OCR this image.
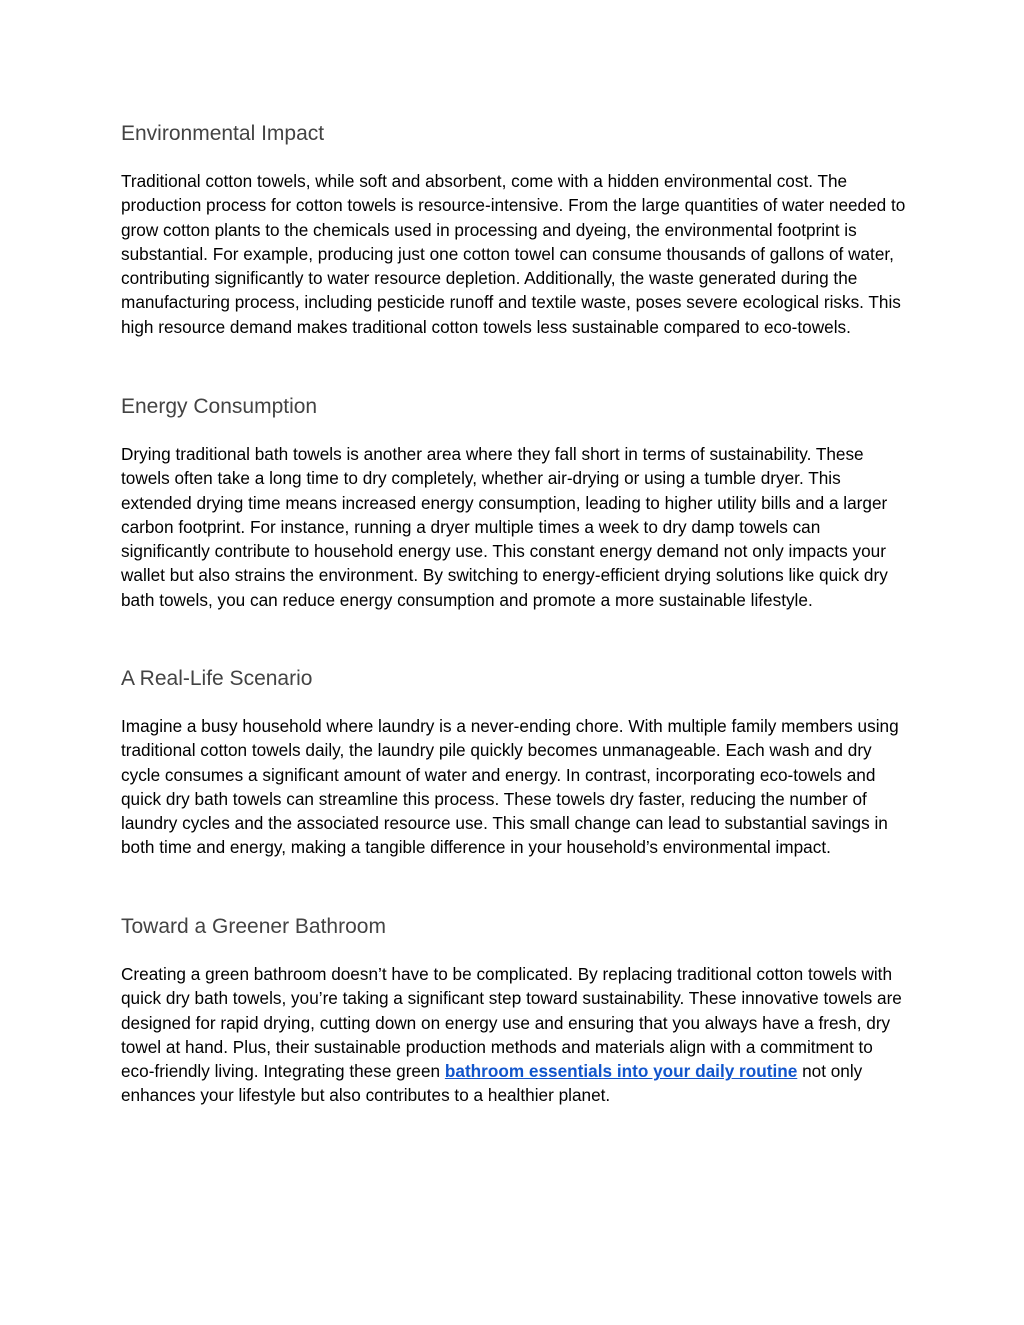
Environmental Impact

Traditional cotton towels, while soft and absorbent, come with a hidden environmental cost. The production process for cotton towels is resource-intensive. From the large quantities of water needed to grow cotton plants to the chemicals used in processing and dyeing, the environmental footprint is substantial. For example, producing just one cotton towel can consume thousands of gallons of water, contributing significantly to water resource depletion. Additionally, the waste generated during the manufacturing process, including pesticide runoff and textile waste, poses severe ecological risks. This high resource demand makes traditional cotton towels less sustainable compared to eco-towels.

Energy Consumption

Drying traditional bath towels is another area where they fall short in terms of sustainability. These towels often take a long time to dry completely, whether air-drying or using a tumble dryer. This extended drying time means increased energy consumption, leading to higher utility bills and a larger carbon footprint. For instance, running a dryer multiple times a week to dry damp towels can significantly contribute to household energy use. This constant energy demand not only impacts your wallet but also strains the environment. By switching to energy-efficient drying solutions like quick dry bath towels, you can reduce energy consumption and promote a more sustainable lifestyle.

A Real-Life Scenario

Imagine a busy household where laundry is a never-ending chore. With multiple family members using traditional cotton towels daily, the laundry pile quickly becomes unmanageable. Each wash and dry cycle consumes a significant amount of water and energy. In contrast, incorporating eco-towels and quick dry bath towels can streamline this process. These towels dry faster, reducing the number of laundry cycles and the associated resource use. This small change can lead to substantial savings in both time and energy, making a tangible difference in your household’s environmental impact.

Toward a Greener Bathroom

Creating a green bathroom doesn’t have to be complicated. By replacing traditional cotton towels with quick dry bath towels, you’re taking a significant step toward sustainability. These innovative towels are designed for rapid drying, cutting down on energy use and ensuring that you always have a fresh, dry towel at hand. Plus, their sustainable production methods and materials align with a commitment to eco-friendly living. Integrating these green bathroom essentials into your daily routine not only enhances your lifestyle but also contributes to a healthier planet.
